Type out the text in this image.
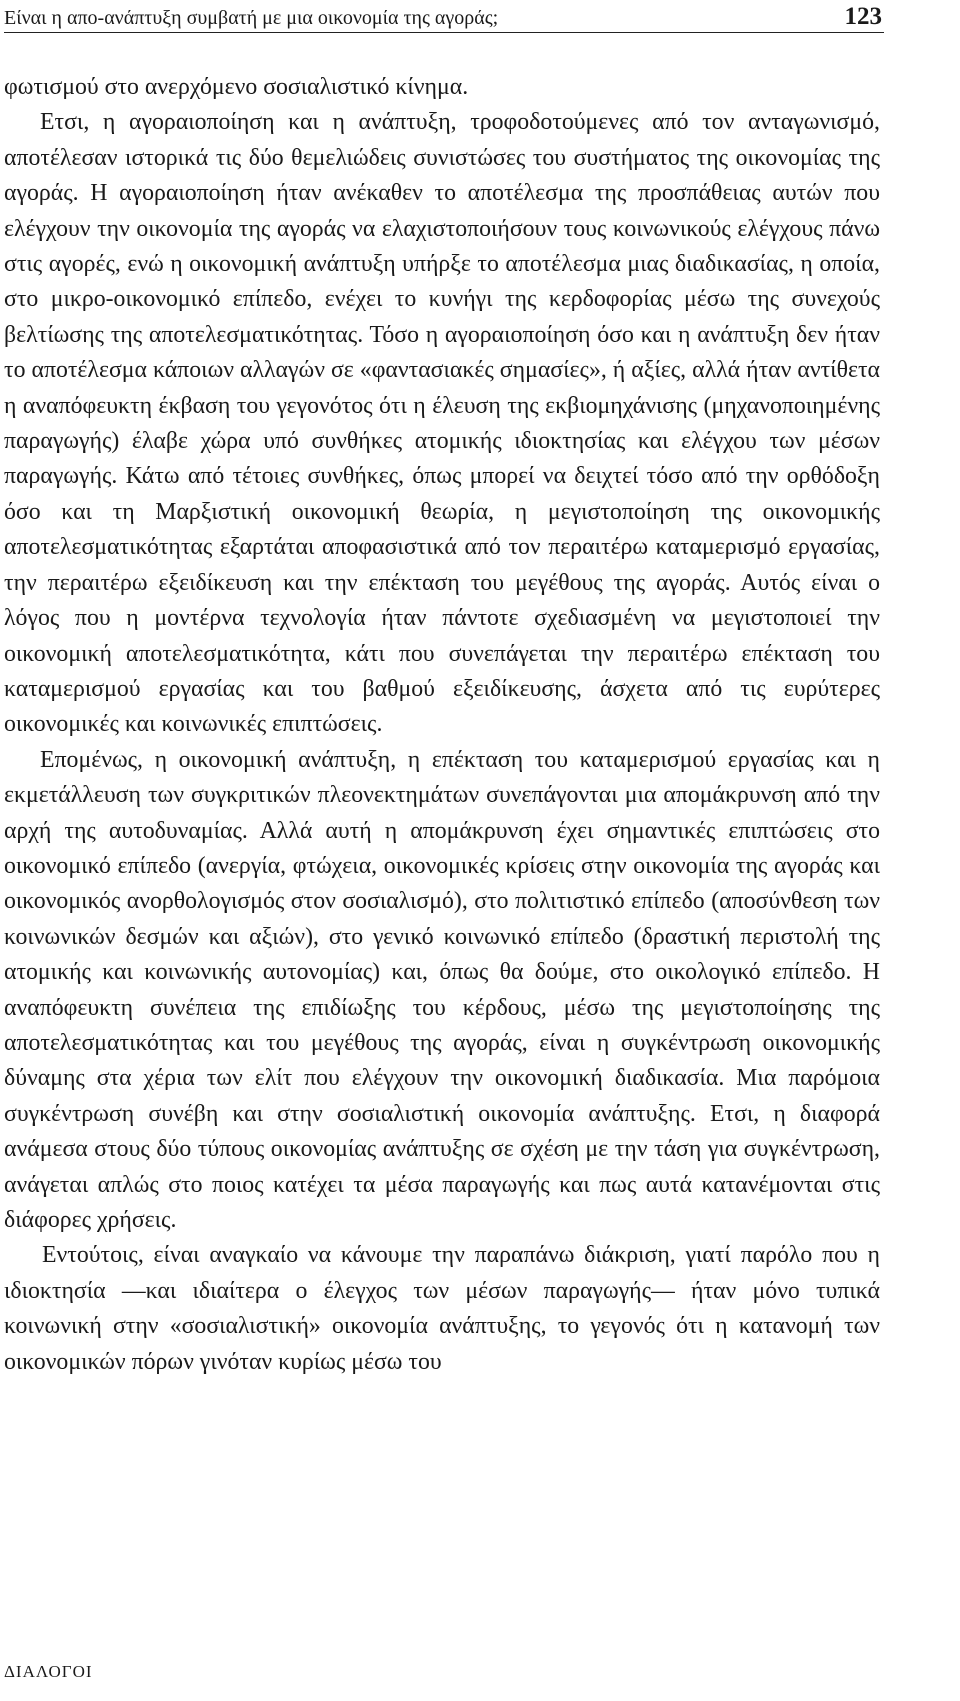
Είναι η απο-ανάπτυξη συμβατή με μια οικονομία της αγοράς;	123

φωτισμού στο ανερχόμενο σοσιαλιστικό κίνημα.

Ετσι, η αγοραιοποίηση και η ανάπτυξη, τροφοδοτούμενες από τον ανταγωνισμό, αποτέλεσαν ιστορικά τις δύο θεμελιώδεις συνιστώσες του συστήματος της οικονομίας της αγοράς. Η αγοραιοποίηση ήταν ανέκαθεν το αποτέλεσμα της προσπάθειας αυτών που ελέγχουν την οικονομία της αγοράς να ελαχιστοποιήσουν τους κοινωνικούς ελέγχους πάνω στις αγορές, ενώ η οικονομική ανάπτυξη υπήρξε το αποτέλεσμα μιας διαδικασίας, η οποία, στο μικρο-οικονομικό επίπεδο, ενέχει το κυνήγι της κερδοφορίας μέσω της συνεχούς βελτίωσης της αποτελεσματικότητας. Τόσο η αγοραιοποίηση όσο και η ανάπτυξη δεν ήταν το αποτέλεσμα κάποιων αλλαγών σε «φαντασιακές σημασίες», ή αξίες, αλλά ήταν αντίθετα η αναπόφευκτη έκβαση του γεγονότος ότι η έλευση της εκβιομηχάνισης (μηχανοποιημένης παραγωγής) έλαβε χώρα υπό συνθήκες ατομικής ιδιοκτησίας και ελέγχου των μέσων παραγωγής. Κάτω από τέτοιες συνθήκες, όπως μπορεί να δειχτεί τόσο από την ορθόδοξη όσο και τη Μαρξιστική οικονομική θεωρία, η μεγιστοποίηση της οικονομικής αποτελεσματικότητας εξαρτάται αποφασιστικά από τον περαιτέρω καταμερισμό εργασίας, την περαιτέρω εξειδίκευση και την επέκταση του μεγέθους της αγοράς. Αυτός είναι ο λόγος που η μοντέρνα τεχνολογία ήταν πάντοτε σχεδιασμένη να μεγιστοποιεί την οικονομική αποτελεσματικότητα, κάτι που συνεπάγεται την περαιτέρω επέκταση του καταμερισμού εργασίας και του βαθμού εξειδίκευσης, άσχετα από τις ευρύτερες οικονομικές και κοινωνικές επιπτώσεις.

Επομένως, η οικονομική ανάπτυξη, η επέκταση του καταμερισμού εργασίας και η εκμετάλλευση των συγκριτικών πλεονεκτημάτων συνεπάγονται μια απομάκρυνση από την αρχή της αυτοδυναμίας. Αλλά αυτή η απομάκρυνση έχει σημαντικές επιπτώσεις στο οικονομικό επίπεδο (ανεργία, φτώχεια, οικονομικές κρίσεις στην οικονομία της αγοράς και οικονομικός ανορθολογισμός στον σοσιαλισμό), στο πολιτιστικό επίπεδο (αποσύνθεση των κοινωνικών δεσμών και αξιών), στο γενικό κοινωνικό επίπεδο (δραστική περιστολή της ατομικής και κοινωνικής αυτονομίας) και, όπως θα δούμε, στο οικολογικό επίπεδο. Η αναπόφευκτη συνέπεια της επιδίωξης του κέρδους, μέσω της μεγιστοποίησης της αποτελεσματικότητας και του μεγέθους της αγοράς, είναι η συγκέντρωση οικονομικής δύναμης στα χέρια των ελίτ που ελέγχουν την οικονομική διαδικασία. Μια παρόμοια συγκέντρωση συνέβη και στην σοσιαλιστική οικονομία ανάπτυξης. Ετσι, η διαφορά ανάμεσα στους δύο τύπους οικονομίας ανάπτυξης σε σχέση με την τάση για συγκέντρωση, ανάγεται απλώς στο ποιος κατέχει τα μέσα παραγωγής και πως αυτά κατανέμονται στις διάφορες χρήσεις.

Εντούτοις, είναι αναγκαίο να κάνουμε την παραπάνω διάκριση, γιατί παρόλο που η ιδιοκτησία —και ιδιαίτερα ο έλεγχος των μέσων παραγωγής— ήταν μόνο τυπικά κοινωνική στην «σοσιαλιστική» οικονομία ανάπτυξης, το γεγονός ότι η κατανομή των οικονομικών πόρων γινόταν κυρίως μέσω του

ΔΙΑΛΟΓΟΙ
